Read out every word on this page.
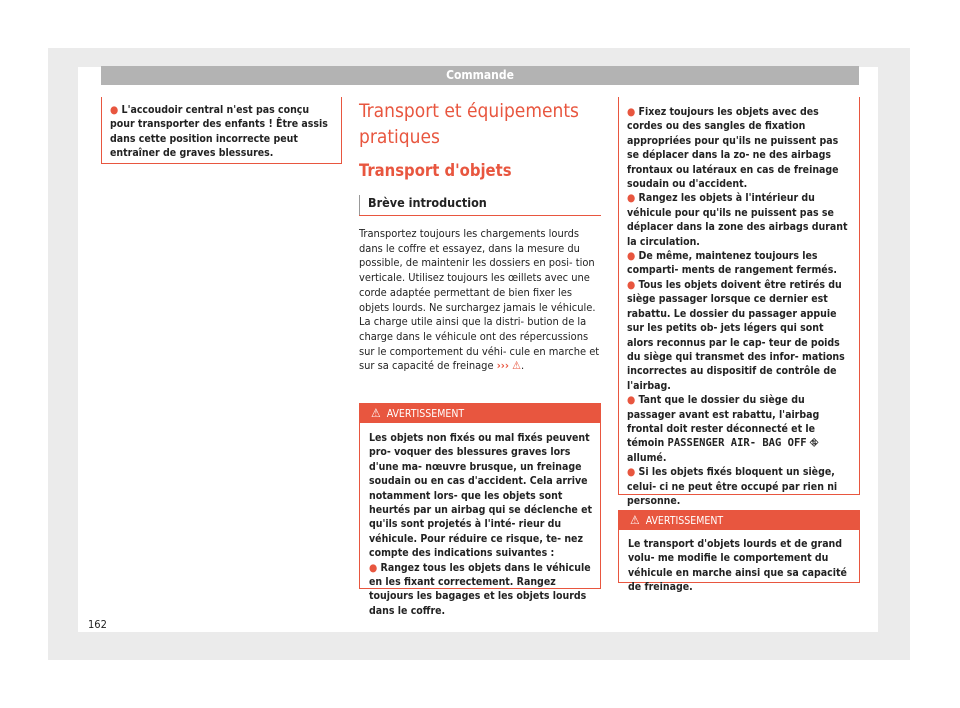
Commande
● L'accoudoir central n'est pas conçu pour transporter des enfants ! Être assis dans cette position incorrecte peut entraîner de graves blessures.
Transport et équipements pratiques
Transport d'objets
Brève introduction
Transportez toujours les chargements lourds dans le coffre et essayez, dans la mesure du possible, de maintenir les dossiers en posi- tion verticale. Utilisez toujours les œillets avec une corde adaptée permettant de bien fixer les objets lourds. Ne surchargez jamais le véhicule. La charge utile ainsi que la distri- bution de la charge dans le véhicule ont des répercussions sur le comportement du véhi- cule en marche et sur sa capacité de freinage ››› ⚠.
⚠ AVERTISSEMENT
Les objets non fixés ou mal fixés peuvent pro- voquer des blessures graves lors d'une ma- nœuvre brusque, un freinage soudain ou en cas d'accident. Cela arrive notamment lors- que les objets sont heurtés par un airbag qui se déclenche et qu'ils sont projetés à l'inté- rieur du véhicule. Pour réduire ce risque, te- nez compte des indications suivantes :
● Rangez tous les objets dans le véhicule en les fixant correctement. Rangez toujours les bagages et les objets lourds dans le coffre.
● Fixez toujours les objets avec des cordes ou des sangles de fixation appropriées pour qu'ils ne puissent pas se déplacer dans la zo- ne des airbags frontaux ou latéraux en cas de freinage soudain ou d'accident.
● Rangez les objets à l'intérieur du véhicule pour qu'ils ne puissent pas se déplacer dans la zone des airbags durant la circulation.
● De même, maintenez toujours les comparti- ments de rangement fermés.
● Tous les objets doivent être retirés du siège passager lorsque ce dernier est rabattu. Le dossier du passager appuie sur les petits ob- jets légers qui sont alors reconnus par le cap- teur de poids du siège qui transmet des infor- mations incorrectes au dispositif de contrôle de l'airbag.
● Tant que le dossier du siège du passager avant est rabattu, l'airbag frontal doit rester déconnecté et le témoin PASSENGER AIR- BAG OFF ⛗ allumé.
● Si les objets fixés bloquent un siège, celui- ci ne peut être occupé par rien ni personne.
⚠ AVERTISSEMENT
Le transport d'objets lourds et de grand volu- me modifie le comportement du véhicule en marche ainsi que sa capacité de freinage.
162
